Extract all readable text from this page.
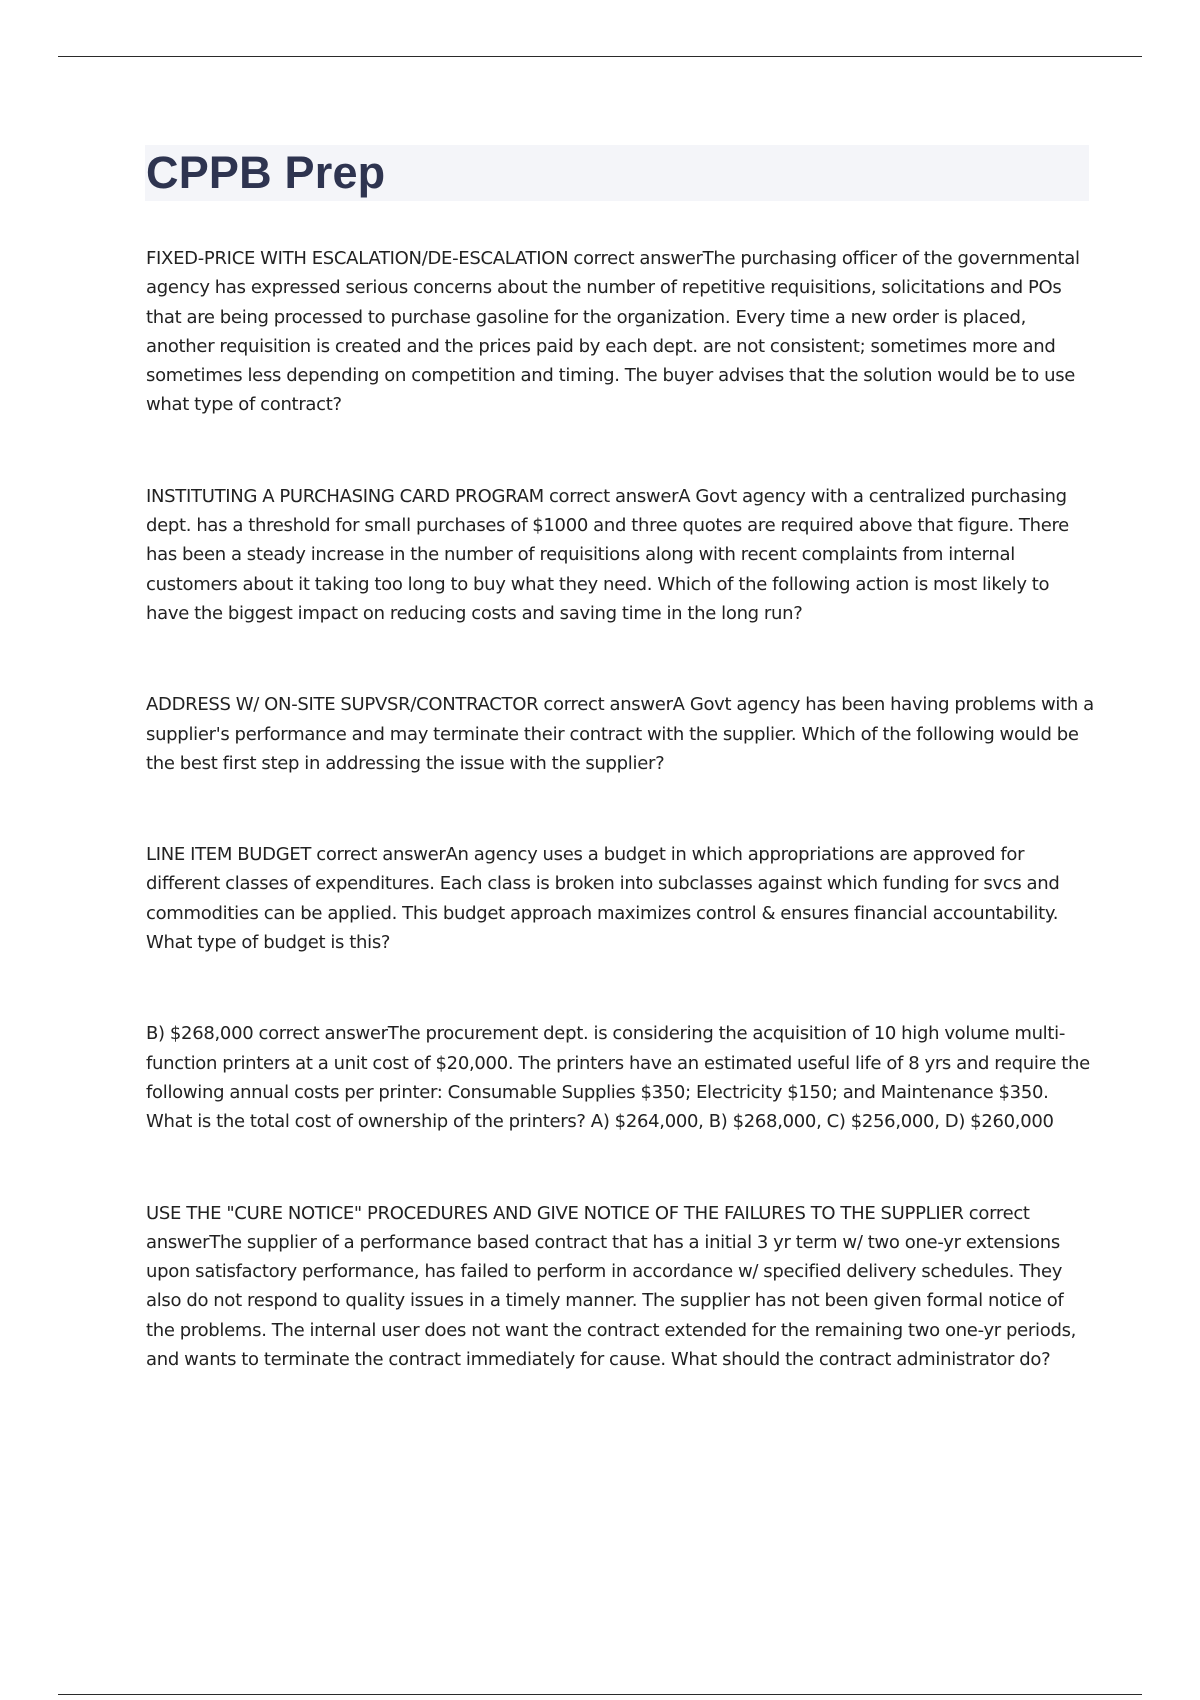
CPPB Prep
FIXED-PRICE WITH ESCALATION/DE-ESCALATION correct answerThe purchasing officer of the governmental agency has expressed serious concerns about the number of repetitive requisitions, solicitations and POs that are being processed to purchase gasoline for the organization. Every time a new order is placed, another requisition is created and the prices paid by each dept. are not consistent; sometimes more and sometimes less depending on competition and timing. The buyer advises that the solution would be to use what type of contract?
INSTITUTING A PURCHASING CARD PROGRAM correct answerA Govt agency with a centralized purchasing dept. has a threshold for small purchases of $1000 and three quotes are required above that figure. There has been a steady increase in the number of requisitions along with recent complaints from internal customers about it taking too long to buy what they need. Which of the following action is most likely to have the biggest impact on reducing costs and saving time in the long run?
ADDRESS W/ ON-SITE SUPVSR/CONTRACTOR correct answerA Govt agency has been having problems with a supplier's performance and may terminate their contract with the supplier. Which of the following would be the best first step in addressing the issue with the supplier?
LINE ITEM BUDGET correct answerAn agency uses a budget in which appropriations are approved for different classes of expenditures. Each class is broken into subclasses against which funding for svcs and commodities can be applied. This budget approach maximizes control & ensures financial accountability. What type of budget is this?
B) $268,000 correct answerThe procurement dept. is considering the acquisition of 10 high volume multi-function printers at a unit cost of $20,000. The printers have an estimated useful life of 8 yrs and require the following annual costs per printer: Consumable Supplies $350; Electricity $150; and Maintenance $350. What is the total cost of ownership of the printers? A) $264,000, B) $268,000, C) $256,000, D) $260,000
USE THE "CURE NOTICE" PROCEDURES AND GIVE NOTICE OF THE FAILURES TO THE SUPPLIER correct answerThe supplier of a performance based contract that has a initial 3 yr term w/ two one-yr extensions upon satisfactory performance, has failed to perform in accordance w/ specified delivery schedules. They also do not respond to quality issues in a timely manner. The supplier has not been given formal notice of the problems. The internal user does not want the contract extended for the remaining two one-yr periods, and wants to terminate the contract immediately for cause. What should the contract administrator do?
